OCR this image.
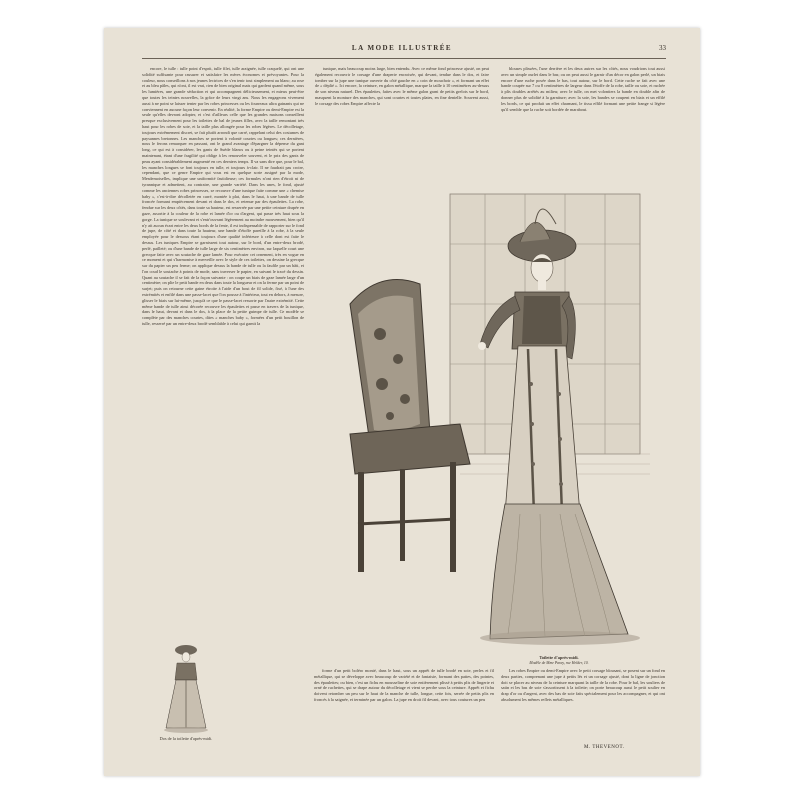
LA MODE ILLUSTRÉE	33

encore, le tulle : tulle point d'esprit, tulle filet, tulle araignée, tulle craquelé, qui ont une solidité suffisante pour rassurer et satisfaire les mères économes et prévoyantes. Pour la couleur, nous conseillons à nos jeunes lectrices de s'en tenir tout simplement au blanc; au rose et au bleu pâles, qui n'ont, il est vrai, rien de bien original mais qui gardent quand même, sous les lumières, une grande séduction et qui accompagnent délicieusement, et mieux peut-être que toutes les teintes nouvelles, la grâce de leurs vingt ans. Nous les engageons vivement aussi à ne point se laisser tenter par les robes princesses ou les fourreaux ultra gainants qui ne conviennent en aucune façon leur convenir. En réalité, la forme Empire ou demi-Empire est la seule qu'elles devront adopter, et c'est d'ailleurs celle que les grandes maisons conseillent presque exclusivement pour les toilettes de bal de jeunes filles, avec la taille remontant très haut pour les robes de soie, et la taille plus allongée pour les robes légères. Le décolletage, toujours extrêmement discret, se fait plutôt arrondi que carré, rappelant celui des costumes de paysannes bretonnes. Les manches se portent à volonté courtes ou longues; ces dernières, nous le ferons remarquer en passant, ont le grand avantage d'épargner la dépense du gant long, ce qui est à considérer, les gants de Suède blancs ou à peine teintés qui se portent maintenant, étant d'une fragilité qui oblige à les renouveler souvent, et le prix des gants de peau ayant considérablement augmenté en ces derniers temps. Il va sans dire que, pour le bal, les manches longues se font toujours en tulle, et toujours à-clair. Il ne faudrait pas croire, cependant, que ce genre Empire qui vous est en quelque sorte assigné par la mode, Mesdemoiselles, implique une uniformité fastidieuse; ces formules n'ont rien d'étroit ni de tyrannique et admettent, au contraire, une grande variété. Dans les unes, le fond, ajusté comme les anciennes robes princesses, se recouvre d'une tunique faite comme une « chemise baby », c'est-à-dire décolletée en carré, montée à plat, dans le haut, à une bande de tulle froncée formant empiècement devant et dans le dos, et retenue par des épaulettes. La robe, fendue sur les deux côtés, dans toute sa hauteur, est resserrée par une petite ceinture drapée en gaze, assortie à la couleur de la robe et lamée d'or ou d'argent, qui passe très haut sous la gorge. La tunique se soulevant et s'entr'ouvrant légèrement au moindre mouvement, bien qu'il n'y ait aucun écart entre les deux bords de la fente, il est indispensable de rapporter sur le fond de jupe, de côté et dans toute la hauteur, une bande d'étoffe pareille à la robe, à la seule employée pour le dessous étant toujours d'une qualité inférieure à celle dont est faite le dessus. Les tuniques Empire se garnissent tout autour, sur le bord, d'un entre-deux brodé, perlé, pailleté; ou d'une bande de tulle large de six centimètres environ, sur laquelle court une grecque faite avec un soutache de gaze lamée. Pour exécuter cet ornement, très en vogue en ce moment et qui s'harmonise à merveille avec le style de ces toilettes, on dessine la grecque sur du papier un peu ferme; on applique dessus la bande de tulle ou la faufile par un bâti, et l'on coud le soutache à points de mode, sans traverser le papier, en suivant le tracé du dessin. Quant au soutache il se fait de la façon suivante : on coupe un biais de gaze lamée large d'un centimètre; on plie le petit bande en deux dans toute la longueur et on la ferme par un point de surjet; puis on retourne cette gaine étroite à l'aide d'un bout de fil solide, fixé, à l'une des extrémités et enfilé dans une passe-lacet que l'on pousse à l'intérieur, tout en dehors, à mesure, glisser le biais sur lui-même, jusqu'à ce que le passe-lacet ressorte par l'autre extrémité. Cette même bande de tulle ainsi décorée recouvre les épaulettes et passe en travers de la tunique, dans le haut, devant et dans le dos, à la place de la petite guimpe de tulle. Ce modèle se complète par des manches courtes, dites « manches baby », formées d'un petit bouillon de tulle, resserré par un entre-deux brodé semblable à celui qui garnit la

tunique, mais beaucoup moins large, bien entendu. Avec ce même fond princesse ajusté, on peut également recouvrir le corsage d'une draperie encroisée, qui devant, tendue dans le dos, et faire tomber sur la jupe une tunique ouverte du côté gauche en « coin de mouchoir », et formant un effet de « déplié ». Ici encore, la ceinture, en galon métallique, marque la taille à 10 centimètres au-dessus de son niveau naturel. Des épaulettes, faites avec le même galon garni de petits grelots sur le bord, masquent la monture des manches, qui sont courtes et toutes plates, en fine dentelle. Souvent aussi, le corsage des robes Empire affecte la

blouses plissées, l'une derrière et les deux autres sur les côtés, nous voudrions tout aussi avec un simple ourlet dans le bas; ou on peut aussi le garnir d'un décor en galon perlé, un biais encore d'une ruche posée dans le bas, tout autour, sur le bord. Cette ruche se fait avec une bande coupée sur 7 ou 8 centimètres de largeur dans l'étoffe de la robe, taille ou soie, et ruchée à plis doubles arrêtés au milieu; avec le tulle, on met volontiers la bande en double afin de donner plus de solidité à la garniture; avec la soie, les bandes se coupent en biais et un effilé les bords, ce qui produit un effet charmant, le tissu effilé formant une petite frange si légère qu'il semble que la ruche soit bordée de marabout.

Toilette d'après-midi.
Modèle de Mme Paray, rue Helder, 10.
Dos de la toilette d'après-midi.

forme d'un petit boléro monté, dans le haut, sous un apprêt de tulle brodé en soie, perles et fil métallique, qui se développe avec beaucoup de variété et de fantaisie, formant des pattes, des pointes, des épaulettes; ou bien, c'est un fichu en mousseline de soie entièrement plissé à petits plis de lingerie et orné de ruchettes, qui se drape autour du décolletage et vient se perdre sous la ceinture. Apprêt et fichu doivent retomber un peu sur le haut de la manche de tulle, longue, cette fois, serrée de petits plis en froncés à la saignée, et terminée par un galon. La jupe en droit fil devant, avec tous coutures un peu

Les robes Empire ou demi-Empire avec le petit corsage blousant, se posent sur un fond en deux parties, comprenant une jupe à petits lés et un corsage ajusté, dont la ligne de jonction doit se placer au niveau de la ceinture marquant la taille de la robe. Pour le bal, les souliers de satin et les bas de soie s'assortissent à la toilette; on porte beaucoup aussi le petit soulier en drap d'or ou d'argent, avec des bas de soie faits spécialement pour les accompagner, et qui ont absolument les mêmes reflets métalliques.

M. THEVENOT.
